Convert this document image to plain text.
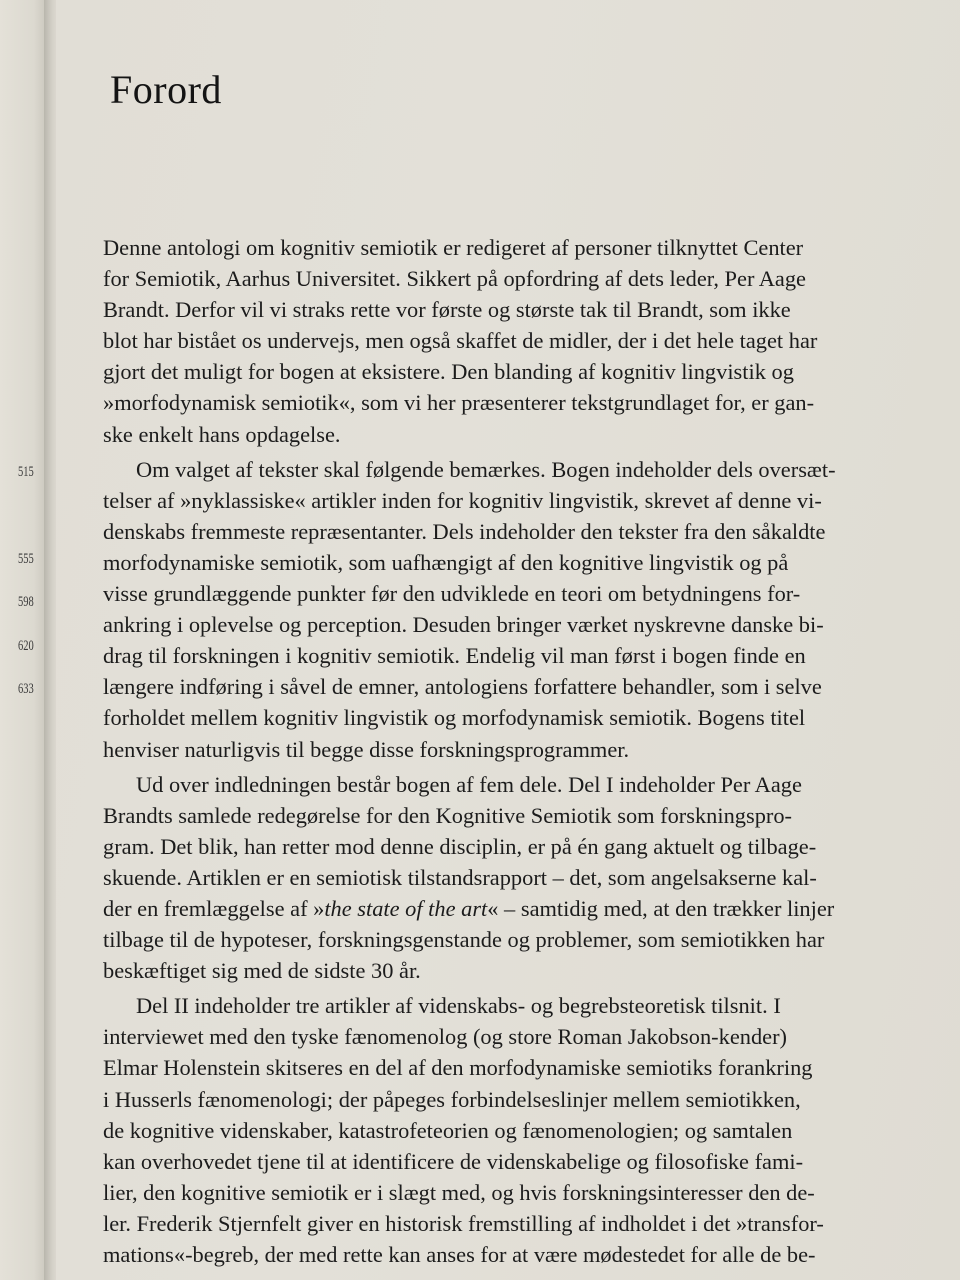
515
555
598
620
633
Forord

Denne antologi om kognitiv semiotik er redigeret af personer tilknyttet Center
for Semiotik, Aarhus Universitet. Sikkert på opfordring af dets leder, Per Aage
Brandt. Derfor vil vi straks rette vor første og største tak til Brandt, som ikke
blot har bistået os undervejs, men også skaffet de midler, der i det hele taget har
gjort det muligt for bogen at eksistere. Den blanding af kognitiv lingvistik og
»morfodynamisk semiotik«, som vi her præsenterer tekstgrundlaget for, er gan-
ske enkelt hans opdagelse.

Om valget af tekster skal følgende bemærkes. Bogen indeholder dels oversæt-
telser af »nyklassiske« artikler inden for kognitiv lingvistik, skrevet af denne vi-
denskabs fremmeste repræsentanter. Dels indeholder den tekster fra den såkaldte
morfodynamiske semiotik, som uafhængigt af den kognitive lingvistik og på
visse grundlæggende punkter før den udviklede en teori om betydningens for-
ankring i oplevelse og perception. Desuden bringer værket nyskrevne danske bi-
drag til forskningen i kognitiv semiotik. Endelig vil man først i bogen finde en
længere indføring i såvel de emner, antologiens forfattere behandler, som i selve
forholdet mellem kognitiv lingvistik og morfodynamisk semiotik. Bogens titel
henviser naturligvis til begge disse forskningsprogrammer.

Ud over indledningen består bogen af fem dele. Del I indeholder Per Aage
Brandts samlede redegørelse for den Kognitive Semiotik som forskningspro-
gram. Det blik, han retter mod denne disciplin, er på én gang aktuelt og tilbage-
skuende. Artiklen er en semiotisk tilstandsrapport – det, som angelsakserne kal-
der en fremlæggelse af »the state of the art« – samtidig med, at den trækker linjer
tilbage til de hypoteser, forskningsgenstande og problemer, som semiotikken har
beskæftiget sig med de sidste 30 år.

Del II indeholder tre artikler af videnskabs- og begrebsteoretisk tilsnit. I
interviewet med den tyske fænomenolog (og store Roman Jakobson-kender)
Elmar Holenstein skitseres en del af den morfodynamiske semiotiks forankring
i Husserls fænomenologi; der påpeges forbindelseslinjer mellem semiotikken,
de kognitive videnskaber, katastrofeteorien og fænomenologien; og samtalen
kan overhovedet tjene til at identificere de videnskabelige og filosofiske fami-
lier, den kognitive semiotik er i slægt med, og hvis forskningsinteresser den de-
ler. Frederik Stjernfelt giver en historisk fremstilling af indholdet i det »transfor-
mations«-begreb, der med rette kan anses for at være mødestedet for alle de be-
